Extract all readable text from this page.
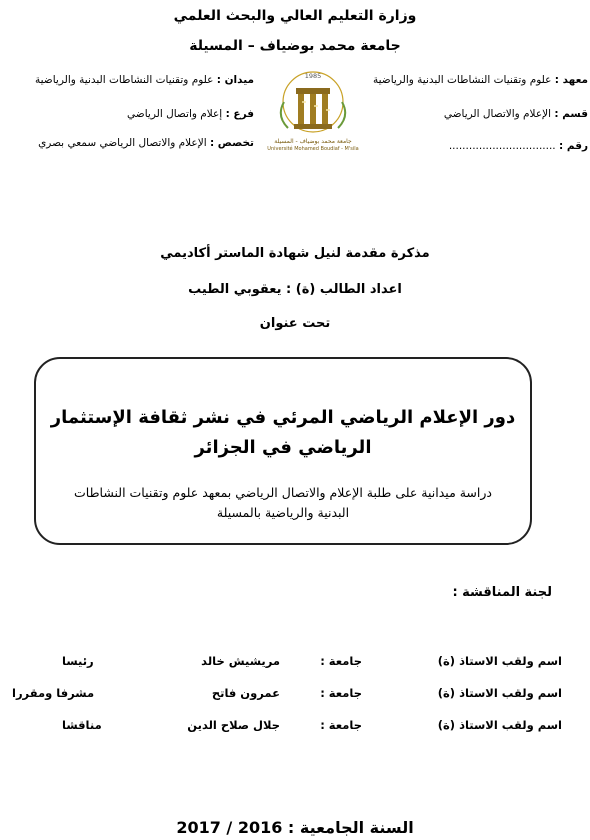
وزارة التعليم العالي والبحث العلمي
جامعة محمد بوضياف – المسيلة
معهد : علوم وتقنيات النشاطات البدنية والرياضية
قسم : الإعلام والاتصال الرياضي
رقم : ................................
ميدان : علوم وتقنيات النشاطات البدنية والرياضية
فرع : إعلام واتصال الرياضي
تخصص : الإعلام والاتصال الرياضي سمعي بصري
1985
جامعة محمد بوضياف - المسيلة
Université Mohamed Boudiaf - M'sila
مذكرة مقدمة لنيل شهادة الماستر أكاديمي
اعداد الطالب (ة) : يعقوبي الطيب
تحت عنوان
دور الإعلام الرياضي المرئي في نشر ثقافة الإستثمار
الرياضي في الجزائر
دراسة ميدانية على طلبة الإعلام والاتصال الرياضي بمعهد علوم وتقنيات النشاطات
البدنية والرياضية بالمسيلة
لجنة المناقشة :
اسم ولقب الاستاذ (ة)
جامعة :
مريشيش خالد
رئيسا
اسم ولقب الاستاذ (ة)
جامعة :
عمرون فاتح
مشرفا ومقررا
اسم ولقب الاستاذ (ة)
جامعة :
جلال صلاح الدين
مناقشا
السنة الجامعية : 2016 / 2017
